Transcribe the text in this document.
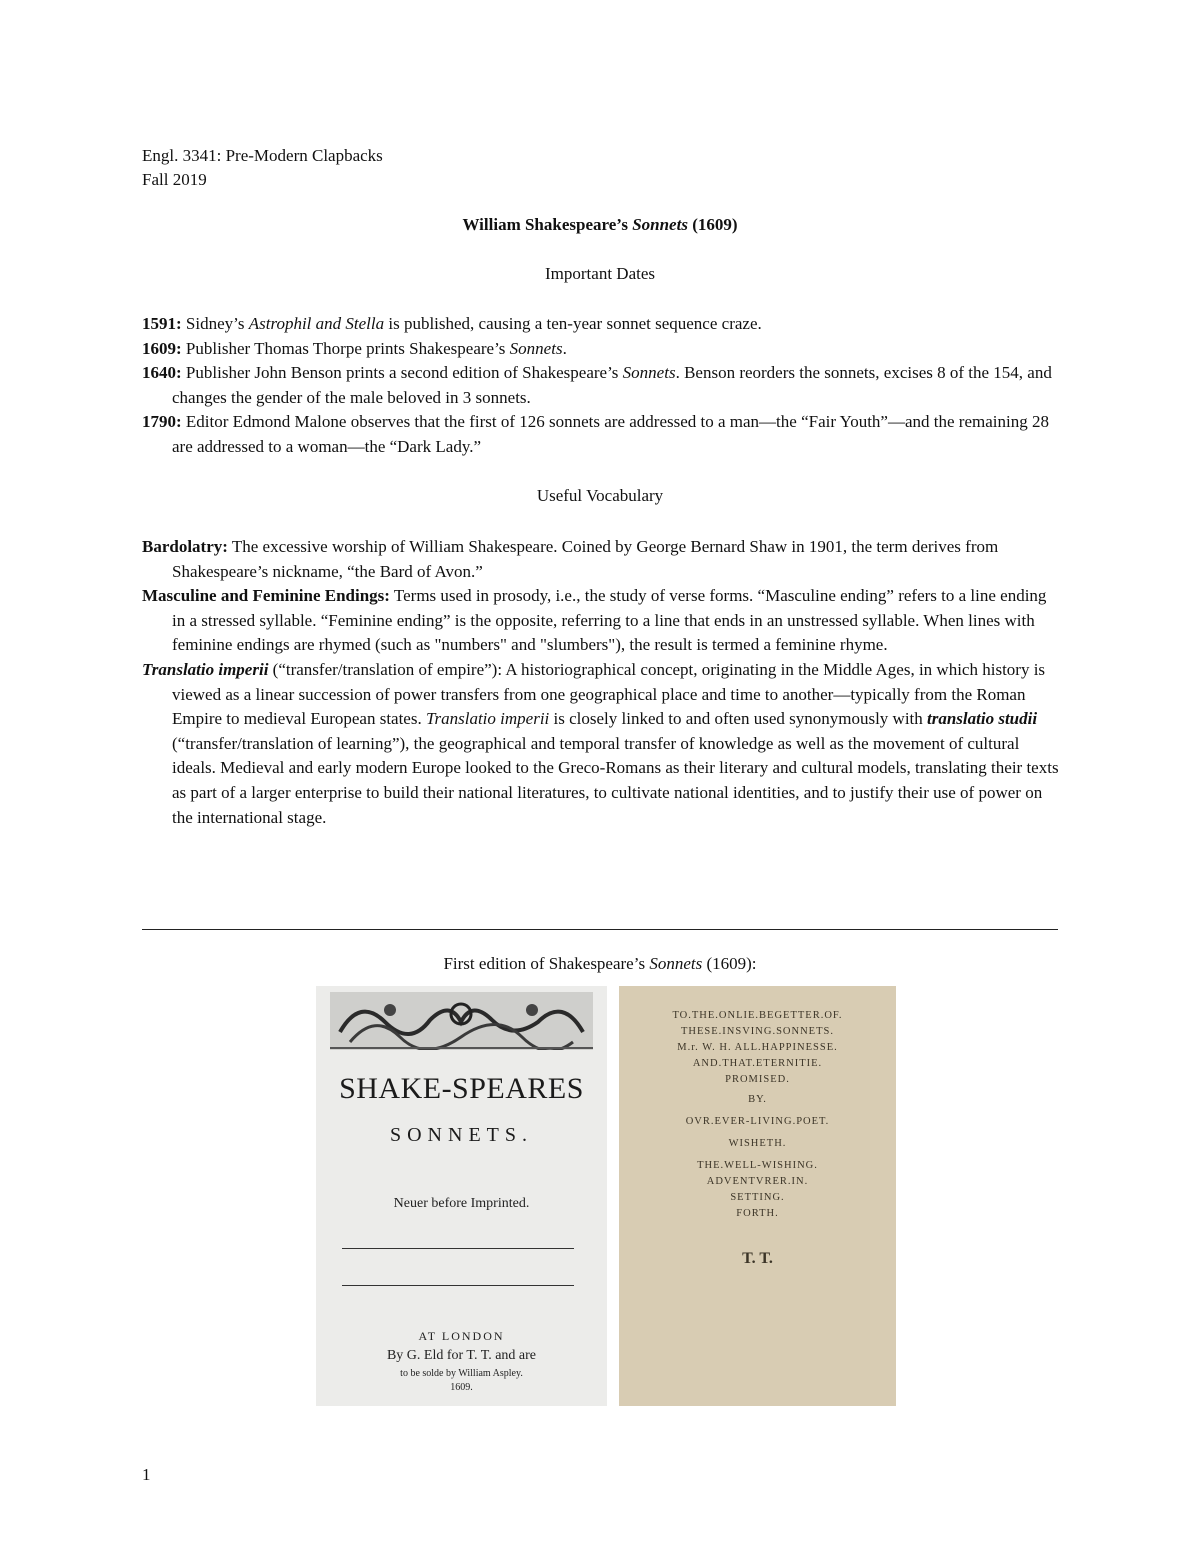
Engl. 3341: Pre-Modern Clapbacks
Fall 2019
William Shakespeare’s Sonnets (1609)
Important Dates

1591: Sidney’s Astrophil and Stella is published, causing a ten-year sonnet sequence craze.

1609: Publisher Thomas Thorpe prints Shakespeare’s Sonnets.

1640: Publisher John Benson prints a second edition of Shakespeare’s Sonnets. Benson reorders the sonnets, excises 8 of the 154, and changes the gender of the male beloved in 3 sonnets.

1790: Editor Edmond Malone observes that the first of 126 sonnets are addressed to a man—the “Fair Youth”—and the remaining 28 are addressed to a woman—the “Dark Lady.”

Useful Vocabulary

Bardolatry: The excessive worship of William Shakespeare. Coined by George Bernard Shaw in 1901, the term derives from Shakespeare’s nickname, “the Bard of Avon.”

Masculine and Feminine Endings: Terms used in prosody, i.e., the study of verse forms. “Masculine ending” refers to a line ending in a stressed syllable. “Feminine ending” is the opposite, referring to a line that ends in an unstressed syllable. When lines with feminine endings are rhymed (such as "numbers" and "slumbers"), the result is termed a feminine rhyme.

Translatio imperii (“transfer/translation of empire”): A historiographical concept, originating in the Middle Ages, in which history is viewed as a linear succession of power transfers from one geographical place and time to another—typically from the Roman Empire to medieval European states. Translatio imperii is closely linked to and often used synonymously with translatio studii (“transfer/translation of learning”), the geographical and temporal transfer of knowledge as well as the movement of cultural ideals. Medieval and early modern Europe looked to the Greco-Romans as their literary and cultural models, translating their texts as part of a larger enterprise to build their national literatures, to cultivate national identities, and to justify their use of power on the international stage.

First edition of Shakespeare’s Sonnets (1609):
SHAKE-SPEARES
SONNETS.
Neuer before Imprinted.
AT LONDON
By G. Eld for T. T. and are
to be solde by William Aspley.
1609.
TO.THE.ONLIE.BEGETTER.OF.
THESE.INSVING.SONNETS.
M.r. W. H. ALL.HAPPINESSE.
AND.THAT.ETERNITIE.
PROMISED.
BY.
OVR.EVER-LIVING.POET.
WISHETH.
THE.WELL-WISHING.
ADVENTVRER.IN.
SETTING.
FORTH.
T. T.
1
